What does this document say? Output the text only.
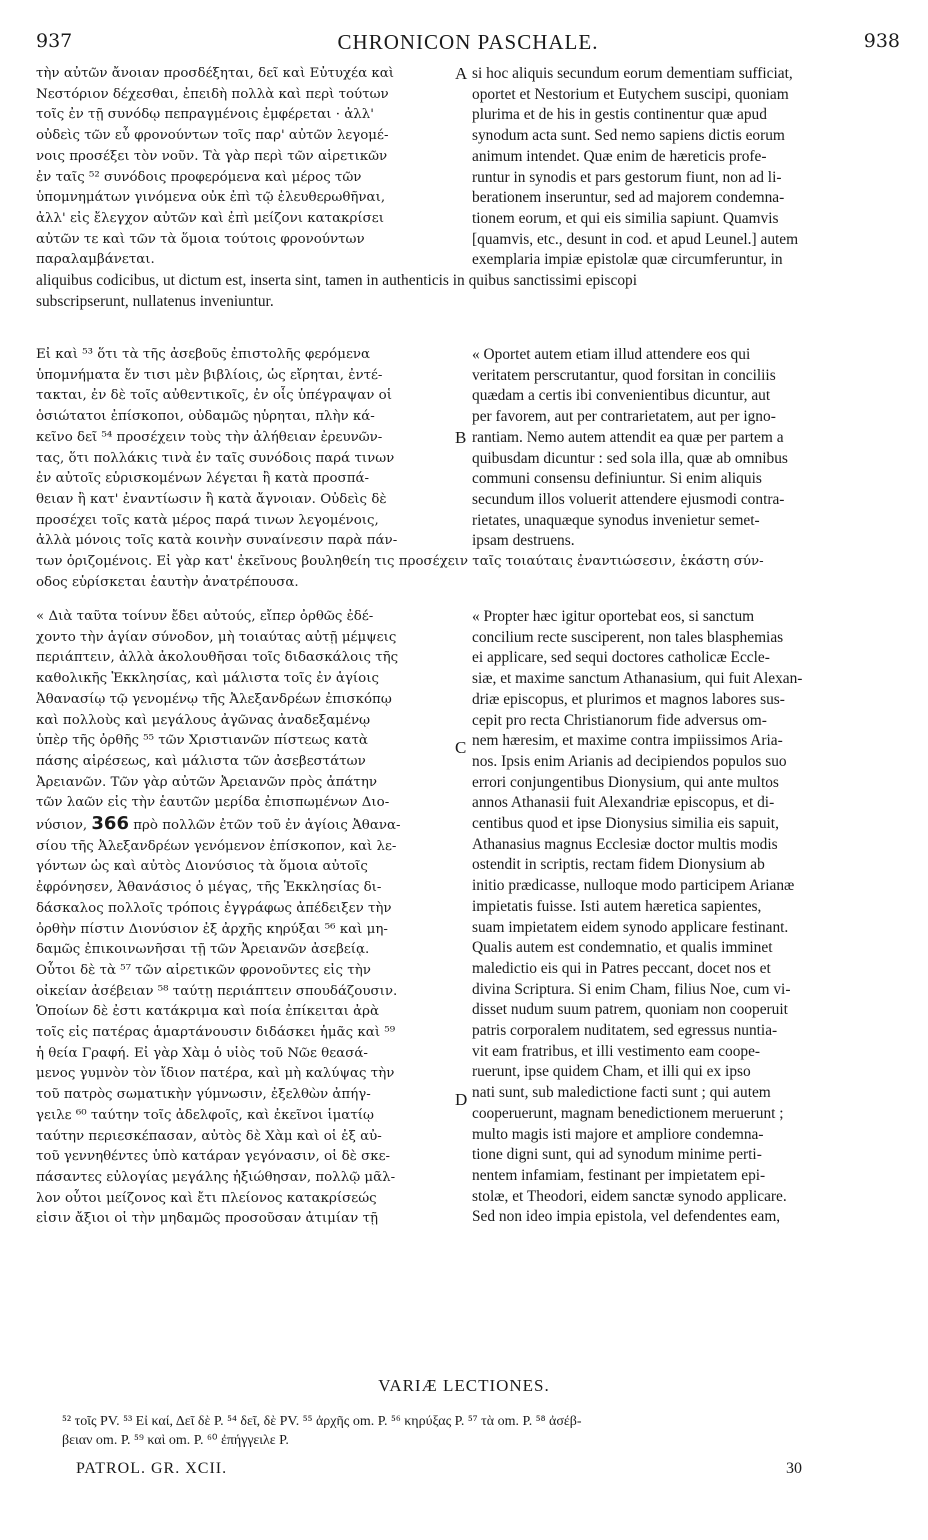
937	CHRONICON PASCHALE.	938

τὴν αὐτῶν ἄνοιαν προσδέξηται, δεῖ καὶ Εὐτυχέα καὶ

Νεστόριον δέχεσθαι, ἐπειδὴ πολλὰ καὶ περὶ τούτων

τοῖς ἐν τῇ συνόδῳ πεπραγμένοις ἐμφέρεται · ἀλλ'

οὐδεὶς τῶν εὖ φρονούντων τοῖς παρ' αὐτῶν λεγομέ-

νοις προσέξει τὸν νοῦν. Τὰ γὰρ περὶ τῶν αἱρετικῶν

ἐν ταῖς ⁵² συνόδοις προφερόμενα καὶ μέρος τῶν

ὑπομνημάτων γινόμενα οὐκ ἐπὶ τῷ ἐλευθερωθῆναι,

ἀλλ' εἰς ἔλεγχον αὐτῶν καὶ ἐπὶ μείζονι κατακρίσει

αὐτῶν τε καὶ τῶν τὰ ὅμοια τούτοις φρονούντων

παραλαμβάνεται.

si hoc aliquis secundum eorum dementiam sufficiat,

oportet et Nestorium et Eutychem suscipi, quoniam

plurima et de his in gestis continentur quæ apud

synodum acta sunt. Sed nemo sapiens dictis eorum

animum intendet. Quæ enim de hæreticis profe-

runtur in synodis et pars gestorum fiunt, non ad li-

berationem inseruntur, sed ad majorem condemna-

tionem eorum, et qui eis similia sapiunt. Quamvis

[quamvis, etc., desunt in cod. et apud Leunel.] autem

exemplaria impiæ epistolæ quæ circumferuntur, in

aliquibus codicibus, ut dictum est, inserta sint, tamen in authenticis in quibus sanctissimi episcopi

subscripserunt, nullatenus inveniuntur.

Εἰ καὶ ⁵³ ὅτι τὰ τῆς ἀσεβοῦς ἐπιστολῆς φερόμενα

ὑπομνήματα ἔν τισι μὲν βιβλίοις, ὡς εἴρηται, ἐντέ-

τακται, ἐν δὲ τοῖς αὐθεντικοῖς, ἐν οἷς ὑπέγραψαν οἱ

ὁσιώτατοι ἐπίσκοποι, οὐδαμῶς ηὑρηται, πλὴν κά-

κεῖνο δεῖ ⁵⁴ προσέχειν τοὺς τὴν ἀλήθειαν ἐρευνῶν-

τας, ὅτι πολλάκις τινὰ ἐν ταῖς συνόδοις παρά τινων

ἐν αὐτοῖς εὑρισκομένων λέγεται ἢ κατὰ προσπά-

θειαν ἢ κατ' ἐναντίωσιν ἢ κατὰ ἄγνοιαν. Οὐδεὶς δὲ

προσέχει τοῖς κατὰ μέρος παρά τινων λεγομένοις,

ἀλλὰ μόνοις τοῖς κατὰ κοινὴν συναίνεσιν παρὰ πάν-

« Oportet autem etiam illud attendere eos qui

veritatem perscrutantur, quod forsitan in conciliis

quædam a certis ibi convenientibus dicuntur, aut

per favorem, aut per contrarietatem, aut per igno-

rantiam. Nemo autem attendit ea quæ per partem a

quibusdam dicuntur : sed sola illa, quæ ab omnibus

communi consensu definiuntur. Si enim aliquis

secundum illos voluerit attendere ejusmodi contra-

rietates, unaquæque synodus invenietur semet-

ipsam destruens.

των ὁριζομένοις. Εἰ γὰρ κατ' ἐκεῖνους βουληθείη τις προσέχειν ταῖς τοιαύταις ἐναντιώσεσιν, ἑκάστη σύν-

οδος εὑρίσκεται ἑαυτὴν ἀνατρέπουσα.

« Διὰ ταῦτα τοίνυν ἔδει αὐτούς, εἴπερ ὀρθῶς ἐδέ-

χοντο τὴν ἁγίαν σύνοδον, μὴ τοιαύτας αὐτῇ μέμψεις

περιάπτειν, ἀλλὰ ἀκολουθῆσαι τοῖς διδασκάλοις τῆς

καθολικῆς Ἐκκλησίας, καὶ μάλιστα τοῖς ἐν ἁγίοις

Ἀθανασίῳ τῷ γενομένῳ τῆς Ἀλεξανδρέων ἐπισκόπῳ

καὶ πολλοὺς καὶ μεγάλους ἀγῶνας ἀναδεξαμένῳ

ὑπὲρ τῆς ὀρθῆς ⁵⁵ τῶν Χριστιανῶν πίστεως κατὰ

πάσης αἱρέσεως, καὶ μάλιστα τῶν ἀσεβεστάτων

Ἀρειανῶν. Τῶν γὰρ αὐτῶν Ἀρειανῶν πρὸς ἀπάτην

τῶν λαῶν εἰς τὴν ἑαυτῶν μερίδα ἐπισπωμένων Διο-

νύσιον, 366 πρὸ πολλῶν ἐτῶν τοῦ ἐν ἁγίοις Ἀθανα-

σίου τῆς Ἀλεξανδρέων γενόμενον ἐπίσκοπον, καὶ λε-

γόντων ὡς καὶ αὐτὸς Διονύσιος τὰ ὅμοια αὐτοῖς

ἐφρόνησεν, Ἀθανάσιος ὁ μέγας, τῆς Ἐκκλησίας δι-

δάσκαλος πολλοῖς τρόποις ἐγγράφως ἀπέδειξεν τὴν

ὀρθὴν πίστιν Διονύσιον ἐξ ἀρχῆς κηρύξαι ⁵⁶ καὶ μη-

δαμῶς ἐπικοινωνῆσαι τῇ τῶν Ἀρειανῶν ἀσεβείᾳ.

Οὗτοι δὲ τὰ ⁵⁷ τῶν αἱρετικῶν φρονοῦντες εἰς τὴν

οἰκείαν ἀσέβειαν ⁵⁸ ταύτῃ περιάπτειν σπουδάζουσιν.

Ὁποίων δὲ ἐστι κατάκριμα καὶ ποία ἐπίκειται ἀρὰ

τοῖς εἰς πατέρας ἁμαρτάνουσιν διδάσκει ἡμᾶς καὶ ⁵⁹

ἡ θεία Γραφή. Εἰ γὰρ Χὰμ ὁ υἱὸς τοῦ Νῶε θεασά-

μενος γυμνὸν τὸν ἴδιον πατέρα, καὶ μὴ καλύψας τὴν

τοῦ πατρὸς σωματικὴν γύμνωσιν, ἐξελθὼν ἀπήγ-

γειλε ⁶⁰ ταύτην τοῖς ἀδελφοῖς, καὶ ἐκεῖνοι ἱματίῳ

ταύτην περιεσκέπασαν, αὐτὸς δὲ Χὰμ καὶ οἱ ἐξ αὐ-

τοῦ γεννηθέντες ὑπὸ κατάραν γεγόνασιν, οἱ δὲ σκε-

πάσαντες εὐλογίας μεγάλης ἠξιώθησαν, πολλῷ μᾶλ-

λον οὗτοι μείζονος καὶ ἔτι πλείονος κατακρίσεώς

εἰσιν ἄξιοι οἱ τὴν μηδαμῶς προσοῦσαν ἀτιμίαν τῇ

« Propter hæc igitur oportebat eos, si sanctum

concilium recte susciperent, non tales blasphemias

ei applicare, sed sequi doctores catholicæ Eccle-

siæ, et maxime sanctum Athanasium, qui fuit Alexan-

driæ episcopus, et plurimos et magnos labores sus-

cepit pro recta Christianorum fide adversus om-

nem hæresim, et maxime contra impiissimos Aria-

nos. Ipsis enim Arianis ad decipiendos populos suo

errori conjungentibus Dionysium, qui ante multos

annos Athanasii fuit Alexandriæ episcopus, et di-

centibus quod et ipse Dionysius similia eis sapuit,

Athanasius magnus Ecclesiæ doctor multis modis

ostendit in scriptis, rectam fidem Dionysium ab

initio prædicasse, nulloque modo participem Arianæ

impietatis fuisse. Isti autem hæretica sapientes,

suam impietatem eidem synodo applicare festinant.

Qualis autem est condemnatio, et qualis imminet

maledictio eis qui in Patres peccant, docet nos et

divina Scriptura. Si enim Cham, filius Noe, cum vi-

disset nudum suum patrem, quoniam non cooperuit

patris corporalem nuditatem, sed egressus nuntia-

vit eam fratribus, et illi vestimento eam coope-

ruerunt, ipse quidem Cham, et illi qui ex ipso

nati sunt, sub maledictione facti sunt ; qui autem

cooperuerunt, magnam benedictionem meruerunt ;

multo magis isti majore et ampliore condemna-

tione digni sunt, qui ad synodum minime perti-

nentem infamiam, festinant per impietatem epi-

stolæ, et Theodori, eidem sanctæ synodo applicare.

Sed non ideo impia epistola, vel defendentes eam,

A
B
C
D
VARIÆ LECTIONES.

⁵² τοῖς PV. ⁵³ Εἰ καί, Δεῖ δὲ P. ⁵⁴ δεῖ, δὲ PV. ⁵⁵ ἀρχῆς om. P. ⁵⁶ κηρύξας P. ⁵⁷ τὰ om. P. ⁵⁸ ἀσέβ-

βειαν om. P. ⁵⁹ καὶ om. P. ⁶⁰ ἐπήγγειλε P.

PATROL. GR. XCII.	30
